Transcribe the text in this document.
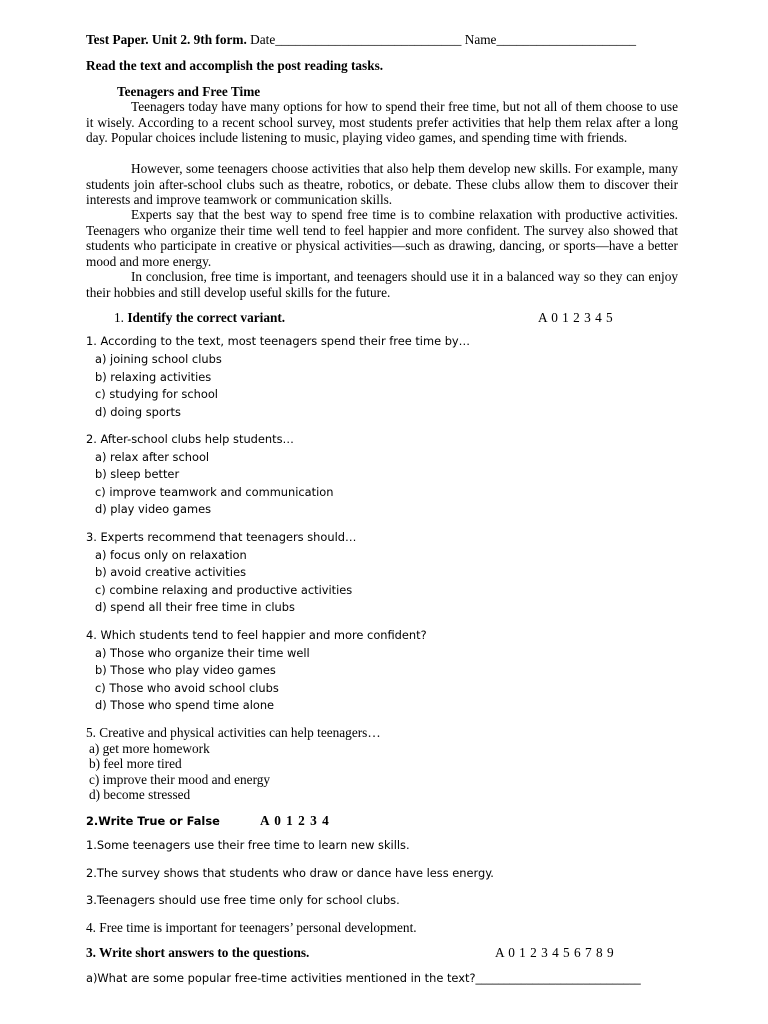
Test Paper. Unit 2. 9th form. Date____________________________ Name_____________________
Read the text and accomplish the post reading tasks.
Teenagers and Free Time
Teenagers today have many options for how to spend their free time, but not all of them choose to use it wisely. According to a recent school survey, most students prefer activities that help them relax after a long day. Popular choices include listening to music, playing video games, and spending time with friends.
However, some teenagers choose activities that also help them develop new skills. For example, many students join after-school clubs such as theatre, robotics, or debate. These clubs allow them to discover their interests and improve teamwork or communication skills.
Experts say that the best way to spend free time is to combine relaxation with productive activities. Teenagers who organize their time well tend to feel happier and more confident. The survey also showed that students who participate in creative or physical activities—such as drawing, dancing, or sports—have a better mood and more energy.
In conclusion, free time is important, and teenagers should use it in a balanced way so they can enjoy their hobbies and still develop useful skills for the future.
1. Identify the correct variant.	A 0 1 2 3 4 5
1. According to the text, most teenagers spend their free time by…
a) joining school clubs
b) relaxing activities
c) studying for school
d) doing sports
2. After-school clubs help students…
a) relax after school
b) sleep better
c) improve teamwork and communication
d) play video games
3. Experts recommend that teenagers should…
a) focus only on relaxation
b) avoid creative activities
c) combine relaxing and productive activities
d) spend all their free time in clubs
4. Which students tend to feel happier and more confident?
a) Those who organize their time well
b) Those who play video games
c) Those who avoid school clubs
d) Those who spend time alone
5. Creative and physical activities can help teenagers…
a) get more homework
b) feel more tired
c) improve their mood and energy
d) become stressed
2.Write True or False	A 0 1 2 3 4
1.Some teenagers use their free time to learn new skills.
2.The survey shows that students who draw or dance have less energy.
3.Teenagers should use free time only for school clubs.
4. Free time is important for teenagers’ personal development.
3. Write short answers to the questions.	A 0 1 2 3 4 5 6 7 8 9
a)What are some popular free-time activities mentioned in the text?_____________________________
